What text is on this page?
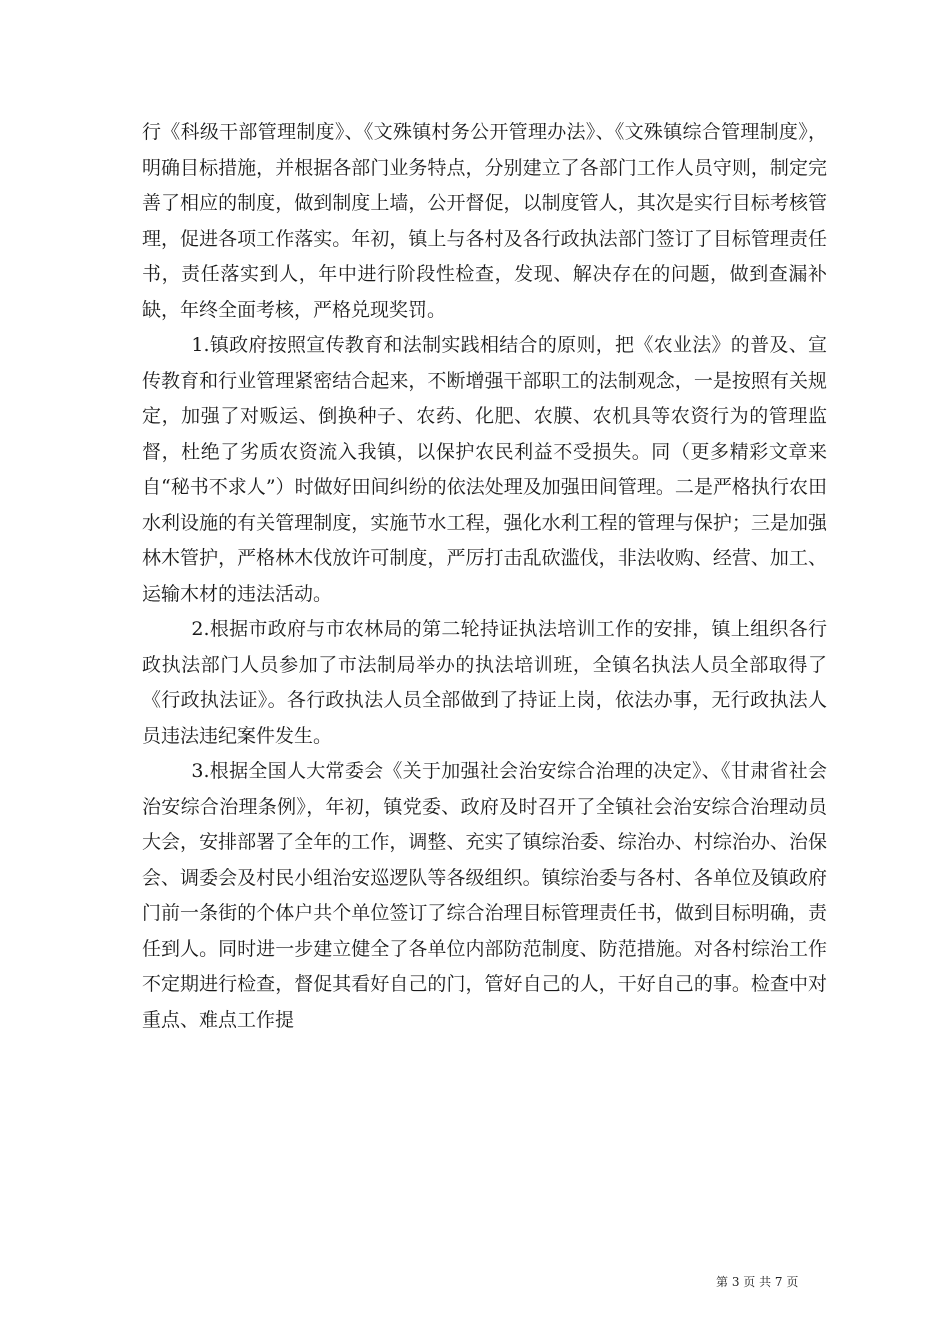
行《科级干部管理制度》、《文殊镇村务公开管理办法》、《文殊镇综合管理制度》，明确目标措施，并根据各部门业务特点，分别建立了各部门工作人员守则，制定完善了相应的制度，做到制度上墙，公开督促，以制度管人，其次是实行目标考核管理，促进各项工作落实。年初，镇上与各村及各行政执法部门签订了目标管理责任书，责任落实到人，年中进行阶段性检查，发现、解决存在的问题，做到查漏补缺，年终全面考核，严格兑现奖罚。

1.镇政府按照宣传教育和法制实践相结合的原则，把《农业法》的普及、宣传教育和行业管理紧密结合起来，不断增强干部职工的法制观念，一是按照有关规定，加强了对贩运、倒换种子、农药、化肥、农膜、农机具等农资行为的管理监督，杜绝了劣质农资流入我镇，以保护农民利益不受损失。同（更多精彩文章来自“秘书不求人”）时做好田间纠纷的依法处理及加强田间管理。二是严格执行农田水利设施的有关管理制度，实施节水工程，强化水利工程的管理与保护；三是加强林木管护，严格林木伐放许可制度，严厉打击乱砍滥伐，非法收购、经营、加工、运输木材的违法活动。

2.根据市政府与市农林局的第二轮持证执法培训工作的安排，镇上组织各行政执法部门人员参加了市法制局举办的执法培训班，全镇名执法人员全部取得了《行政执法证》。各行政执法人员全部做到了持证上岗，依法办事，无行政执法人员违法违纪案件发生。

3.根据全国人大常委会《关于加强社会治安综合治理的决定》、《甘肃省社会治安综合治理条例》，年初，镇党委、政府及时召开了全镇社会治安综合治理动员大会，安排部署了全年的工作，调整、充实了镇综治委、综治办、村综治办、治保会、调委会及村民小组治安巡逻队等各级组织。镇综治委与各村、各单位及镇政府门前一条街的个体户共个单位签订了综合治理目标管理责任书，做到目标明确，责任到人。同时进一步建立健全了各单位内部防范制度、防范措施。对各村综治工作不定期进行检查，督促其看好自己的门，管好自己的人，干好自己的事。检查中对重点、难点工作提

第 3 页 共 7 页
